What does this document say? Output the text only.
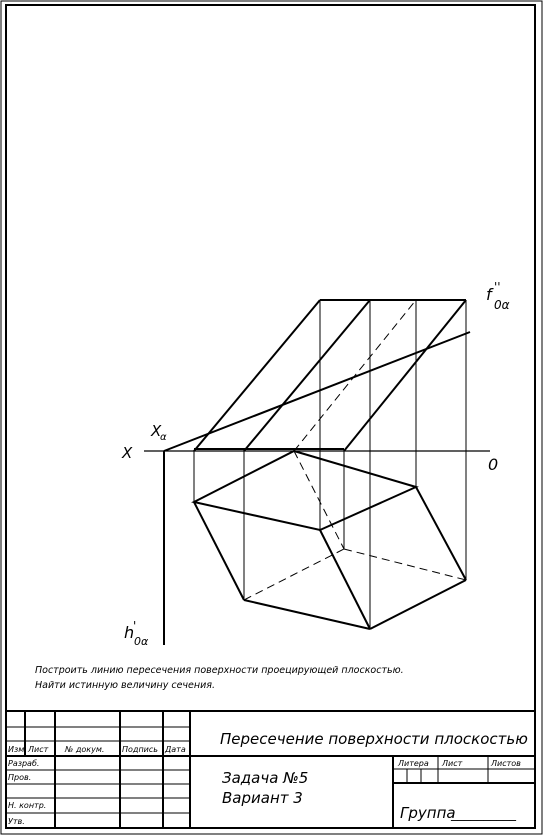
X
X
α
0
f ''
0α
h
'
0α
Построить линию пересечения поверхности проецирующей плоскостью.
Найти истинную величину сечения.
Изм. Лист № докум. Подпись Дата
Разраб.
Пров.
Н. контр.
Утв.
Пересечение поверхности плоскостью
Задача №5
Вариант 3
Литера Лист	Листов
Группа
__________
